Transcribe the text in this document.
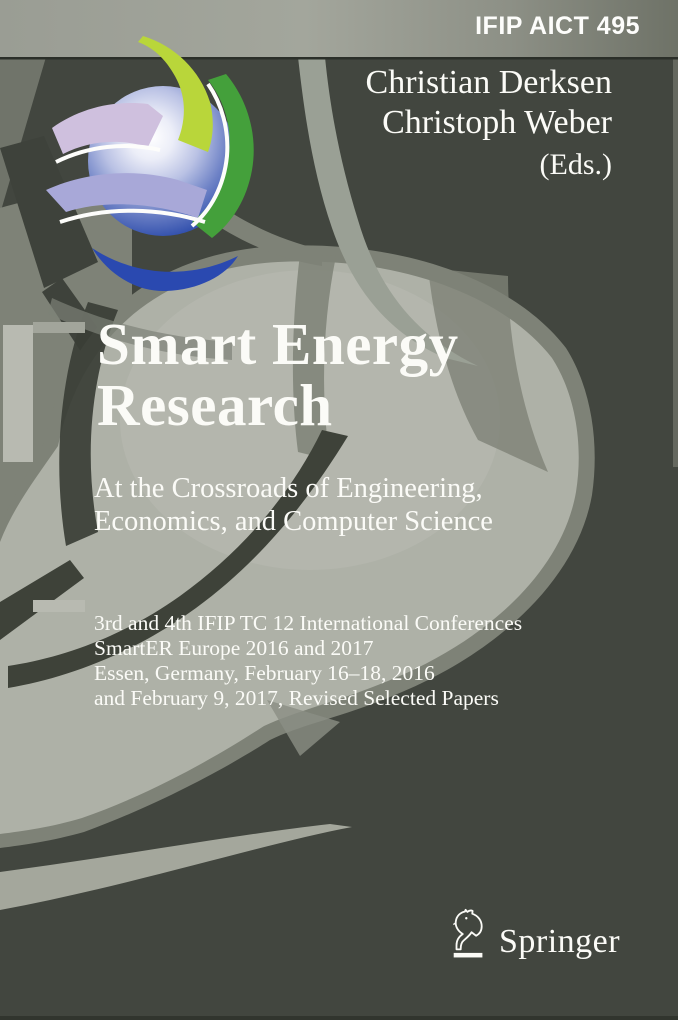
IFIP AICT 495
Christian Derksen
Christoph Weber
(Eds.)
Smart Energy
Research
At the Crossroads of Engineering,
Economics, and Computer Science
3rd and 4th IFIP TC 12 International Conferences
SmartER Europe 2016 and 2017
Essen, Germany, February 16–18, 2016
and February 9, 2017, Revised Selected Papers
Springer
